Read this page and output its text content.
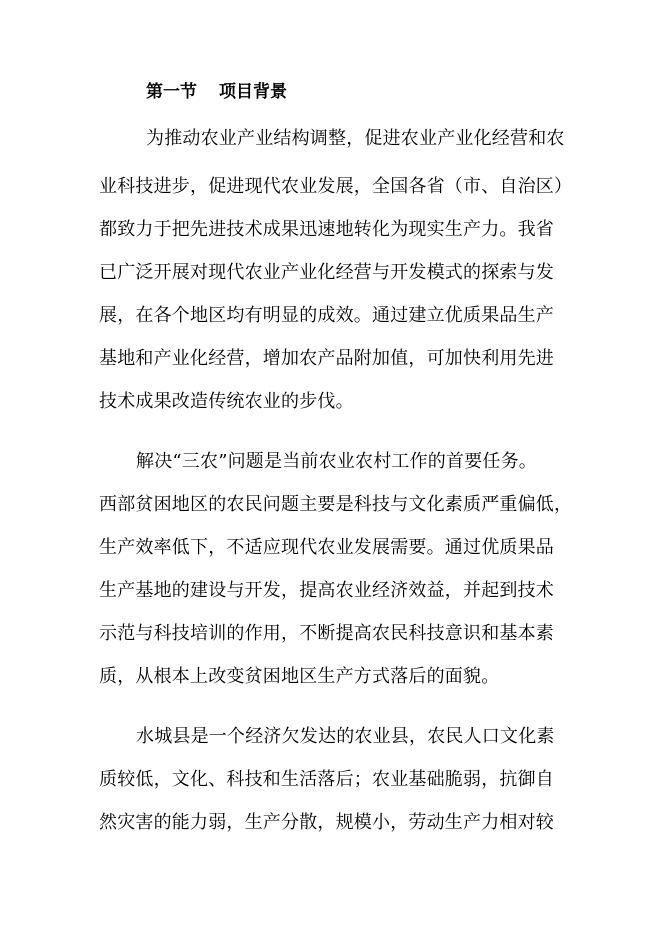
第一节 项目背景
为推动农业产业结构调整，促进农业产业化经营和农
业科技进步，促进现代农业发展，全国各省（市、自治区）
都致力于把先进技术成果迅速地转化为现实生产力。我省
已广泛开展对现代农业产业化经营与开发模式的探索与发
展，在各个地区均有明显的成效。通过建立优质果品生产
基地和产业化经营，增加农产品附加值，可加快利用先进
技术成果改造传统农业的步伐。
解决“三农”问题是当前农业农村工作的首要任务。
西部贫困地区的农民问题主要是科技与文化素质严重偏低，
生产效率低下，不适应现代农业发展需要。通过优质果品
生产基地的建设与开发，提高农业经济效益，并起到技术
示范与科技培训的作用，不断提高农民科技意识和基本素
质，从根本上改变贫困地区生产方式落后的面貌。
水城县是一个经济欠发达的农业县，农民人口文化素
质较低，文化、科技和生活落后；农业基础脆弱，抗御自
然灾害的能力弱，生产分散，规模小，劳动生产力相对较
